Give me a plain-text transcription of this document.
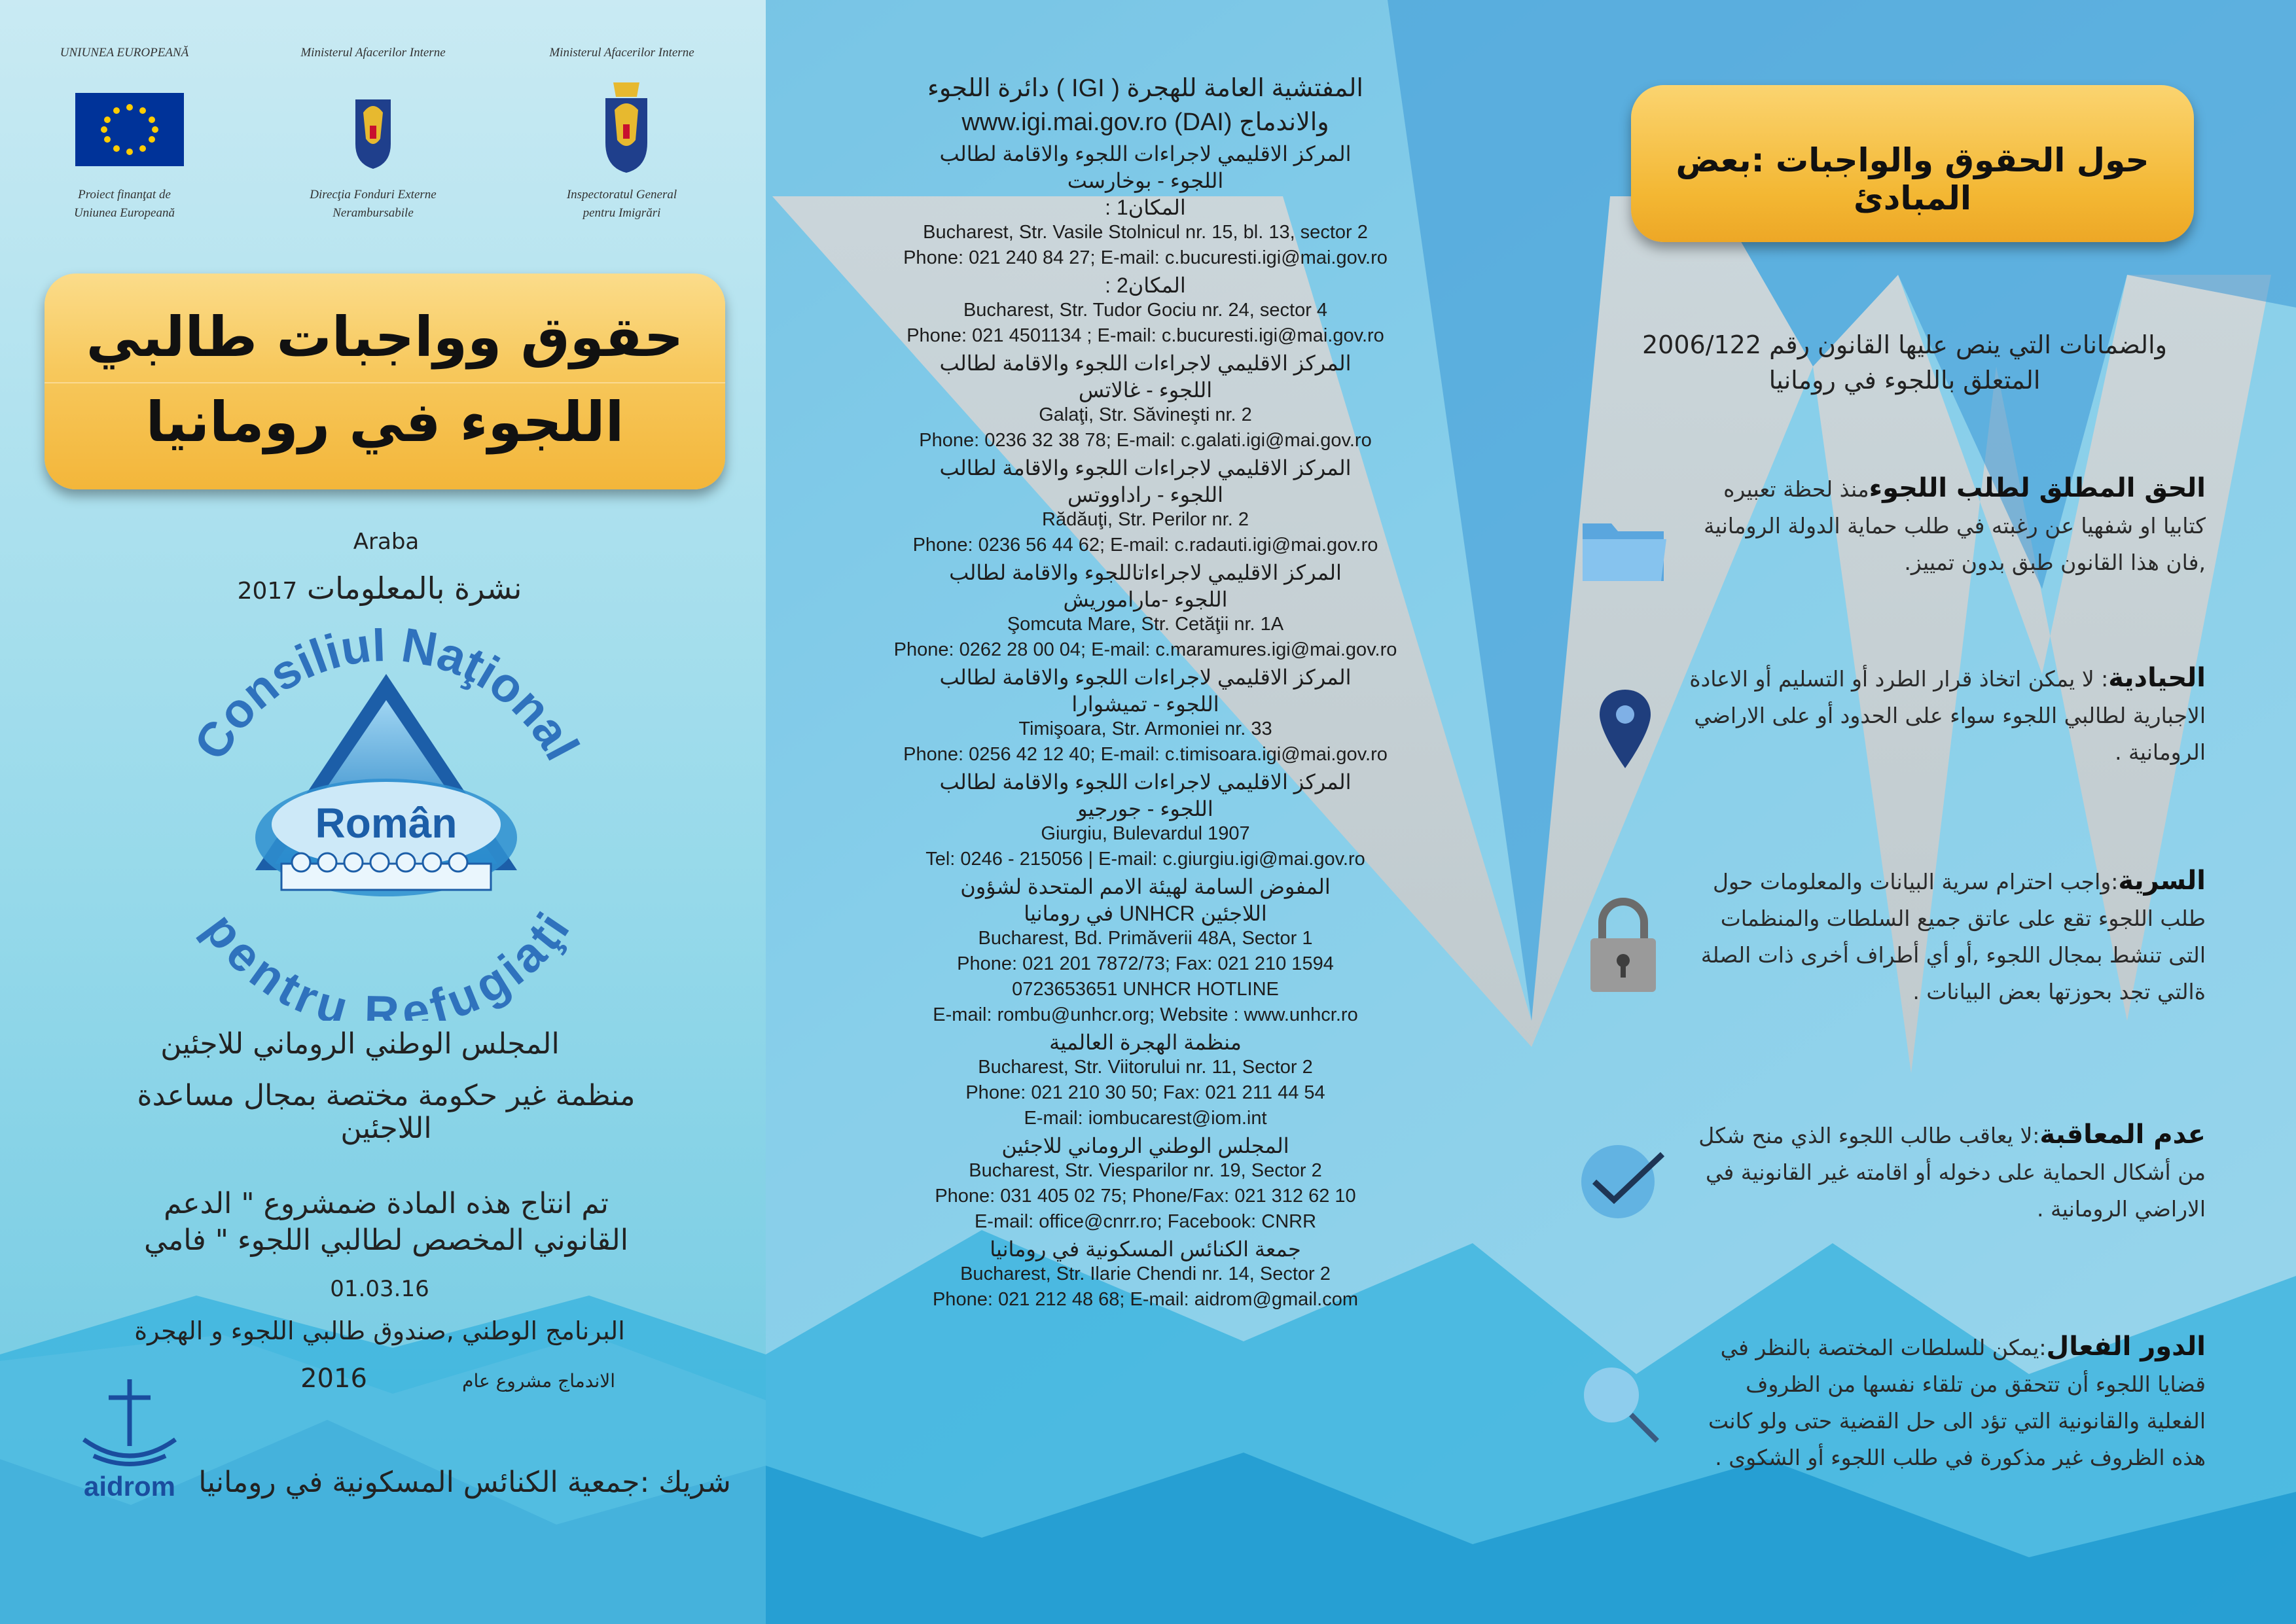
UNIUNEA EUROPEANĂ
Proiect finanţat de
Uniunea Europeană
Ministerul Afacerilor Interne
Direcţia Fonduri Externe
Nerambursabile
Ministerul Afacerilor Interne
Inspectoratul General
pentru Imigrări
حقوق وواجبات طالبي
اللجوء في رومانيا
Araba
نشرة بالمعلومات 2017
Român
Consiliul Naţional
pentru Refugiaţi
المجلس الوطني الروماني للاجئين
منظمة غير حكومة مختصة بمجال مساعدة
اللاجئين
تم انتاج هذه المادة ضمشروع " الدعم
القانوني المخصص لطالبي اللجوء " فامي
01.03.16
البرنامج الوطني ,صندوق طالبي اللجوء و الهجرة
الاندماج مشروع عام
2016
aidrom شريك :جمعية الكنائس المسكونية في رومانيا
المفتشية العامة للهجرة ( IGI ) دائرة اللجوء
والاندماج (DAI) www.igi.mai.gov.ro
المركز الاقليمي لاجراءات اللجوء والاقامة لطالب
اللجوء - بوخارست
المكان1 :
Bucharest, Str. Vasile Stolnicul nr. 15, bl. 13, sector 2
Phone: 021 240 84 27; E-mail: c.bucuresti.igi@mai.gov.ro
المكان2 :
Bucharest, Str. Tudor Gociu nr. 24, sector 4
Phone: 021 4501134 ; E-mail: c.bucuresti.igi@mai.gov.ro
المركز الاقليمي لاجراءات اللجوء والاقامة لطالب
اللجوء - غالاتس
Galaţi, Str. Săvineşti nr. 2
Phone: 0236 32 38 78; E-mail: c.galati.igi@mai.gov.ro
المركز الاقليمي لاجراءات اللجوء والاقامة لطالب
اللجوء - راداووتس
Rădăuţi, Str. Perilor nr. 2
Phone: 0236 56 44 62; E-mail: c.radauti.igi@mai.gov.ro
المركز الاقليمي لاجراءاتاللجوء والاقامة لطالب
اللجوء -ماراموريش
Şomcuta Mare, Str. Cetăţii nr. 1A
Phone: 0262 28 00 04; E-mail: c.maramures.igi@mai.gov.ro
المركز الاقليمي لاجراءات اللجوء والاقامة لطالب
اللجوء - تميشوارا
Timişoara, Str. Armoniei nr. 33
Phone: 0256 42 12 40; E-mail: c.timisoara.igi@mai.gov.ro
المركز الاقليمي لاجراءات اللجوء والاقامة لطالب
اللجوء - جورجيو
Giurgiu, Bulevardul 1907
Tel: 0246 - 215056 | E-mail: c.giurgiu.igi@mai.gov.ro
المفوض السامة لهيئة الامم المتحدة لشؤون
اللاجئين UNHCR في رومانيا
Bucharest, Bd. Primăverii 48A, Sector 1
Phone: 021 201 7872/73; Fax: 021 210 1594
0723653651 UNHCR HOTLINE
E-mail: rombu@unhcr.org; Website : www.unhcr.ro
منظمة الهجرة العالمية
Bucharest, Str. Viitorului nr. 11, Sector 2
Phone: 021 210 30 50; Fax: 021 211 44 54
E-mail: iombucarest@iom.int
المجلس الوطني الروماني للاجئين
Bucharest, Str. Viesparilor nr. 19, Sector 2
Phone: 031 405 02 75; Phone/Fax: 021 312 62 10
E-mail: office@cnrr.ro; Facebook: CNRR
جمعة الكنائس المسكونية في رومانيا
Bucharest, Str. Ilarie Chendi nr. 14, Sector 2
Phone: 021 212 48 68; E-mail: aidrom@gmail.com
حول الحقوق والواجبات :بعض المبادئ
والضمانات التي ينص عليها القانون رقم 2006/122
المتعلق باللجوء في رومانيا
الحق المطلق لطلب اللجوءمنذ لحظة تعبيره كتابيا او شفهيا عن رغبته في طلب حماية الدولة الرومانية ,فان هذا القانون طبق بدون تمييز.
الحيادية: لا يمكن اتخاذ قرار الطرد أو التسليم أو الاعادة الاجبارية لطالبي اللجوء سواء على الحدود أو على الاراضي الرومانية .
السرية:واجب احترام سرية البيانات والمعلومات حول طلب اللجوء تقع على عاتق جميع السلطات والمنظمات التى تنشط بمجال اللجوء ,أو أي أطراف أخرى ذات الصلة ةالتي تجد بحوزتها بعض البيانات .
عدم المعاقبة:لا يعاقب طالب اللجوء الذي منح شكل من أشكال الحماية على دخوله أو اقامته غير القانونية في الاراضي الرومانية .
الدور الفعال:يمكن للسلطات المختصة بالنظر في قضايا اللجوء أن تتحقق من تلقاء نفسها من الظروف الفعلية والقانونية التي تؤد الى حل القضية حتى ولو كانت هذه الظروف غير مذكورة في طلب اللجوء أو الشكوى .
